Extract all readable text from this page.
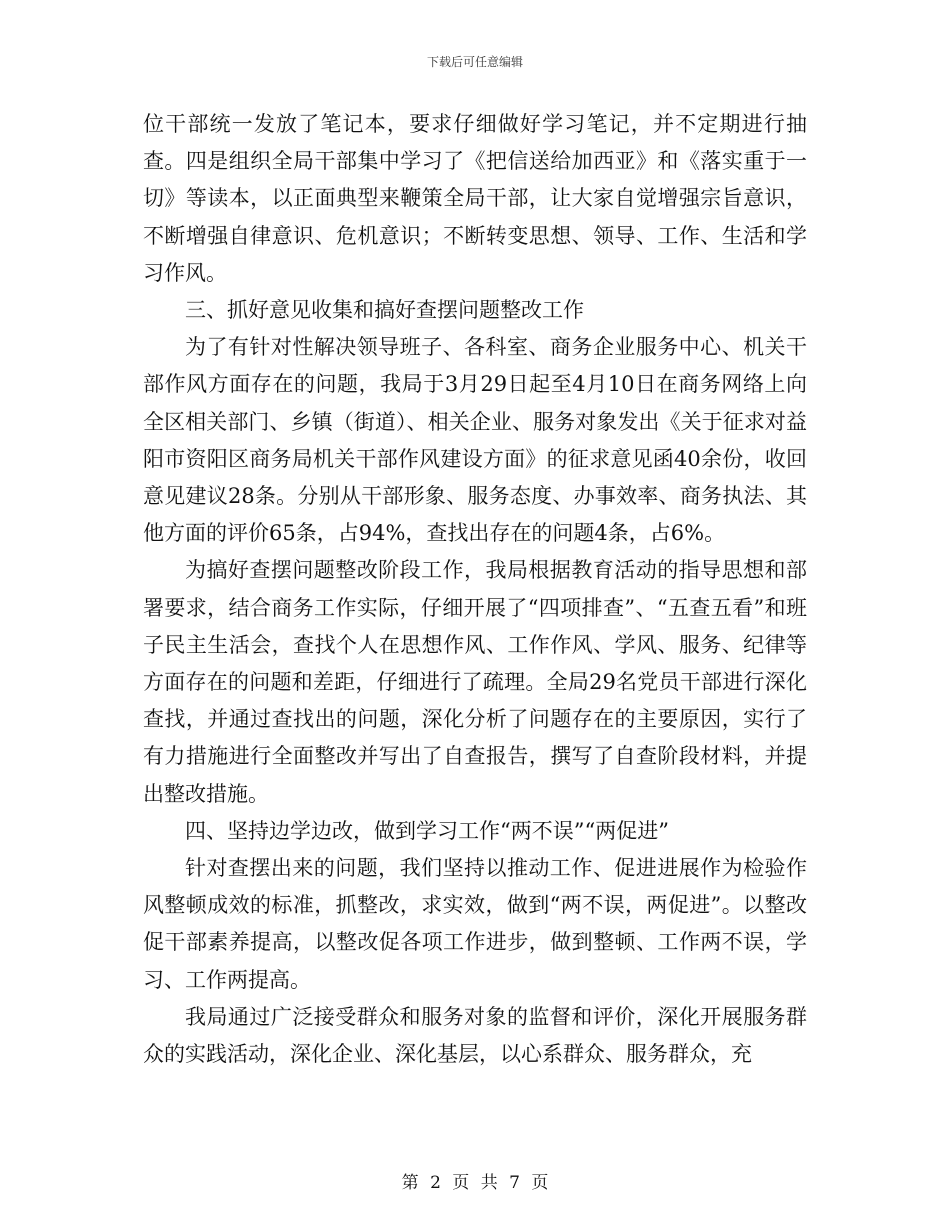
下载后可任意编辑

位干部统一发放了笔记本，要求仔细做好学习笔记，并不定期进行抽查。四是组织全局干部集中学习了《把信送给加西亚》和《落实重于一切》等读本，以正面典型来鞭策全局干部，让大家自觉增强宗旨意识，不断增强自律意识、危机意识；不断转变思想、领导、工作、生活和学习作风。

三、抓好意见收集和搞好查摆问题整改工作

为了有针对性解决领导班子、各科室、商务企业服务中心、机关干部作风方面存在的问题，我局于3月29日起至4月10日在商务网络上向全区相关部门、乡镇（街道）、相关企业、服务对象发出《关于征求对益阳市资阳区商务局机关干部作风建设方面》的征求意见函40余份，收回意见建议28条。分别从干部形象、服务态度、办事效率、商务执法、其他方面的评价65条，占94%，查找出存在的问题4条，占6%。

为搞好查摆问题整改阶段工作，我局根据教育活动的指导思想和部署要求，结合商务工作实际，仔细开展了“四项排查”、“五查五看”和班子民主生活会，查找个人在思想作风、工作作风、学风、服务、纪律等方面存在的问题和差距，仔细进行了疏理。全局29名党员干部进行深化查找，并通过查找出的问题，深化分析了问题存在的主要原因，实行了有力措施进行全面整改并写出了自查报告，撰写了自查阶段材料，并提出整改措施。

四、坚持边学边改，做到学习工作“两不误”“两促进”

针对查摆出来的问题，我们坚持以推动工作、促进进展作为检验作风整顿成效的标准，抓整改，求实效，做到“两不误，两促进”。以整改促干部素养提高，以整改促各项工作进步，做到整顿、工作两不误，学习、工作两提高。

我局通过广泛接受群众和服务对象的监督和评价，深化开展服务群众的实践活动，深化企业、深化基层，以心系群众、服务群众，充

第 2 页 共 7 页
